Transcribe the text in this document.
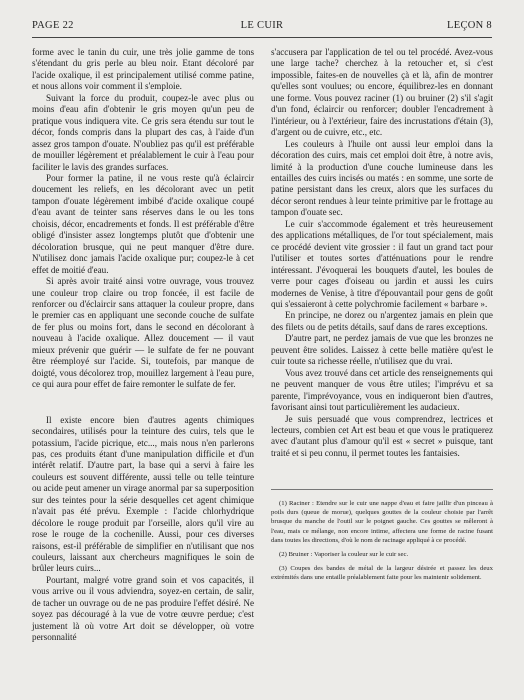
PAGE 22	LE CUIR	LEÇON 8

forme avec le tanin du cuir, une très jolie gamme de tons s'étendant du gris perle au bleu noir. Etant décoloré par l'acide oxalique, il est principalement utilisé comme patine, et nous allons voir comment il s'emploie.

Suivant la force du produit, coupez-le avec plus ou moins d'eau afin d'obtenir le gris moyen qu'un peu de pratique vous indiquera vite. Ce gris sera étendu sur tout le décor, fonds compris dans la plupart des cas, à l'aide d'un assez gros tampon d'ouate. N'oubliez pas qu'il est préférable de mouiller légèrement et préalablement le cuir à l'eau pour faciliter le lavis des grandes surfaces.

Pour former la patine, il ne vous reste qu'à éclaircir doucement les reliefs, en les décolorant avec un petit tampon d'ouate légèrement imbibé d'acide oxalique coupé d'eau avant de teinter sans réserves dans le ou les tons choisis, décor, encadrements et fonds. Il est préférable d'être obligé d'insister assez longtemps plutôt que d'obtenir une décoloration brusque, qui ne peut manquer d'être dure. N'utilisez donc jamais l'acide oxalique pur; coupez-le à cet effet de moitié d'eau.

Si après avoir traité ainsi votre ouvrage, vous trouvez une couleur trop claire ou trop foncée, il est facile de renforcer ou d'éclaircir sans attaquer la couleur propre, dans le premier cas en appliquant une seconde couche de sulfate de fer plus ou moins fort, dans le second en décolorant à nouveau à l'acide oxalique. Allez doucement — il vaut mieux prévenir que guérir — le sulfate de fer ne pouvant être réemployé sur l'acide. Si, toutefois, par manque de doigté, vous décolorez trop, mouillez largement à l'eau pure, ce qui aura pour effet de faire remonter le sulfate de fer.

Il existe encore bien d'autres agents chimiques secondaires, utilisés pour la teinture des cuirs, tels que le potassium, l'acide picrique, etc..., mais nous n'en parlerons pas, ces produits étant d'une manipulation difficile et d'un intérêt relatif. D'autre part, la base qui a servi à faire les couleurs est souvent différente, aussi telle ou telle teinture ou acide peut amener un virage anormal par sa superposition sur des teintes pour la série desquelles cet agent chimique n'avait pas été prévu. Exemple : l'acide chlorhydrique décolore le rouge produit par l'orseille, alors qu'il vire au rose le rouge de la cochenille. Aussi, pour ces diverses raisons, est-il préférable de simplifier en n'utilisant que nos couleurs, laissant aux chercheurs magnifiques le soin de brûler leurs cuirs...

Pourtant, malgré votre grand soin et vos capacités, il vous arrive ou il vous adviendra, soyez-en certain, de salir, de tacher un ouvrage ou de ne pas produire l'effet désiré. Ne soyez pas découragé à la vue de votre œuvre perdue; c'est justement là où votre Art doit se développer, où votre personnalité

s'accusera par l'application de tel ou tel procédé. Avez-vous une large tache? cherchez à la retoucher et, si c'est impossible, faites-en de nouvelles çà et là, afin de montrer qu'elles sont voulues; ou encore, équilibrez-les en donnant une forme. Vous pouvez raciner (1) ou bruiner (2) s'il s'agit d'un fond, éclaircir ou renforcer; doubler l'encadrement à l'intérieur, ou à l'extérieur, faire des incrustations d'étain (3), d'argent ou de cuivre, etc., etc.

Les couleurs à l'huile ont aussi leur emploi dans la décoration des cuirs, mais cet emploi doit être, à notre avis, limité à la production d'une couche lumineuse dans les entailles des cuirs incisés ou matés : en somme, une sorte de patine persistant dans les creux, alors que les surfaces du décor seront rendues à leur teinte primitive par le frottage au tampon d'ouate sec.

Le cuir s'accommode également et très heureusement des applications métalliques, de l'or tout spécialement, mais ce procédé devient vite grossier : il faut un grand tact pour l'utiliser et toutes sortes d'atténuations pour le rendre intéressant. J'évoquerai les bouquets d'autel, les boules de verre pour cages d'oiseau ou jardin et aussi les cuirs modernes de Venise, à titre d'épouvantail pour gens de goût qui s'essaieront à cette polychromie facilement « barbare ».

En principe, ne dorez ou n'argentez jamais en plein que des filets ou de petits détails, sauf dans de rares exceptions.

D'autre part, ne perdez jamais de vue que les bronzes ne peuvent être solides. Laissez à cette belle matière qu'est le cuir toute sa richesse réelle, n'utilisez que du vrai.

Vous avez trouvé dans cet article des renseignements qui ne peuvent manquer de vous être utiles; l'imprévu et sa parente, l'imprévoyance, vous en indiqueront bien d'autres, favorisant ainsi tout particulièrement les audacieux.

Je suis persuadé que vous comprendrez, lectrices et lecteurs, combien cet Art est beau et que vous le pratiquerez avec d'autant plus d'amour qu'il est « secret » puisque, tant traité et si peu connu, il permet toutes les fantaisies.

(1) Raciner : Etendre sur le cuir une nappe d'eau et faire jaillir d'un pinceau à poils durs (queue de morue), quelques gouttes de la couleur choisie par l'arrêt brusque du manche de l'outil sur le poignet gauche. Ces gouttes se mêleront à l'eau, mais ce mélange, non encore intime, affectera une forme de racine fusant dans toutes les directions, d'où le nom de racinage appliqué à ce procédé.

(2) Bruiner : Vaporiser la couleur sur le cuir sec.

(3) Coupes des bandes de métal de la largeur désirée et passez les deux extrémités dans une entaille préalablement faite pour les maintenir solidement.
